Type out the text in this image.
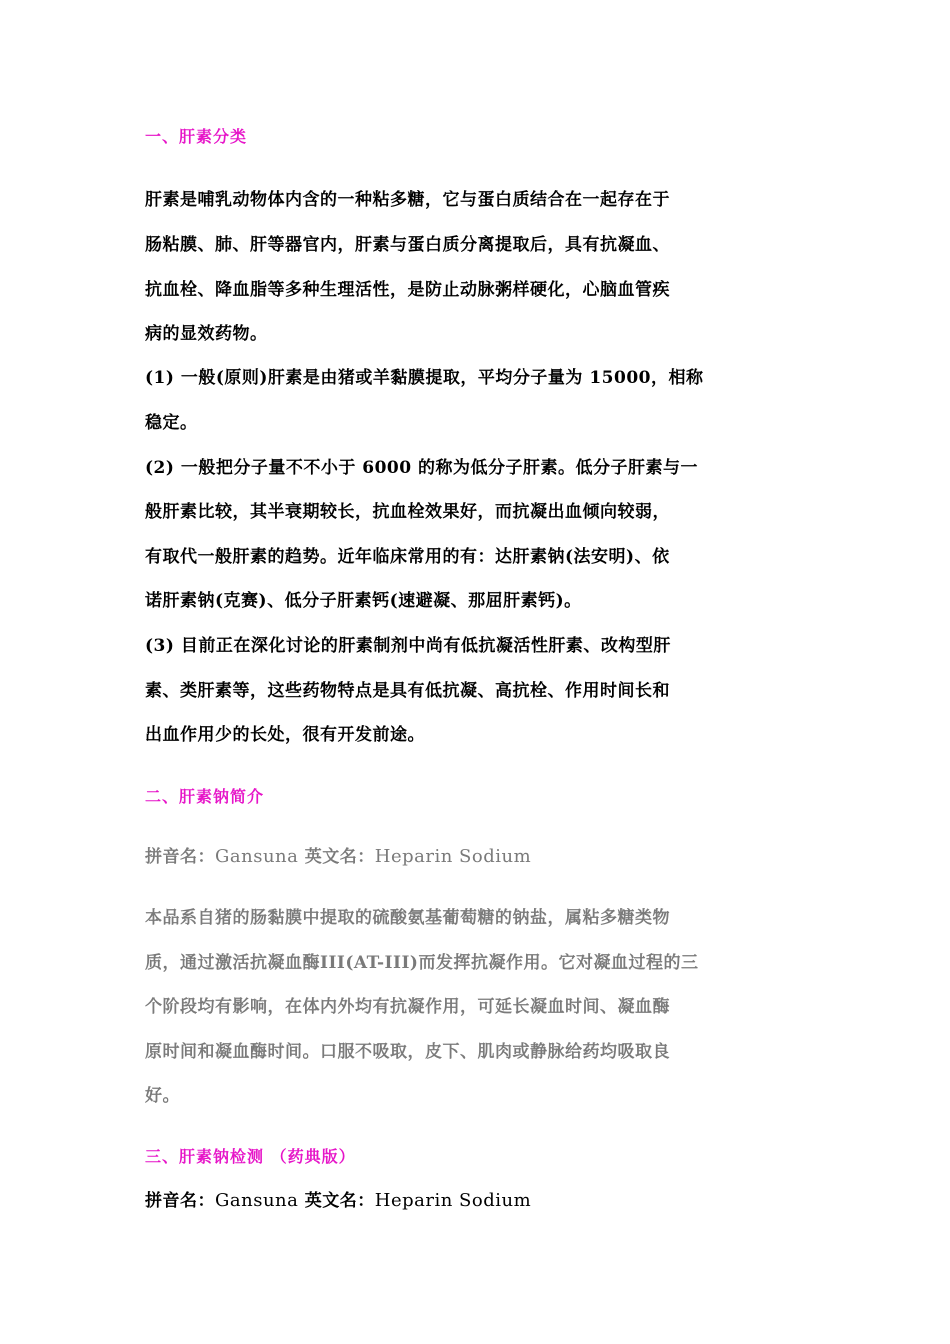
一、肝素分类
肝素是哺乳动物体内含的一种粘多糖，它与蛋白质结合在一起存在于
肠粘膜、肺、肝等器官内，肝素与蛋白质分离提取后，具有抗凝血、
抗血栓、降血脂等多种生理活性，是防止动脉粥样硬化，心脑血管疾
病的显效药物。
(1) 一般(原则)肝素是由猪或羊黏膜提取，平均分子量为 15000，相称
稳定。
(2) 一般把分子量不不小于 6000 的称为低分子肝素。低分子肝素与一
般肝素比较，其半衰期较长，抗血栓效果好，而抗凝出血倾向较弱，
有取代一般肝素的趋势。近年临床常用的有：达肝素钠(法安明)、依
诺肝素钠(克赛)、低分子肝素钙(速避凝、那屈肝素钙)。
(3) 目前正在深化讨论的肝素制剂中尚有低抗凝活性肝素、改构型肝
素、类肝素等，这些药物特点是具有低抗凝、高抗栓、作用时间长和
出血作用少的长处，很有开发前途。
二、肝素钠简介
拼音名：Gansuna 英文名：Heparin Sodium
本品系自猪的肠黏膜中提取的硫酸氨基葡萄糖的钠盐，属粘多糖类物
质，通过激活抗凝血酶III(AT-III)而发挥抗凝作用。它对凝血过程的三
个阶段均有影响，在体内外均有抗凝作用，可延长凝血时间、凝血酶
原时间和凝血酶时间。口服不吸取，皮下、肌肉或静脉给药均吸取良
好。
三、肝素钠检测 （药典版）
拼音名：Gansuna 英文名：Heparin Sodium
